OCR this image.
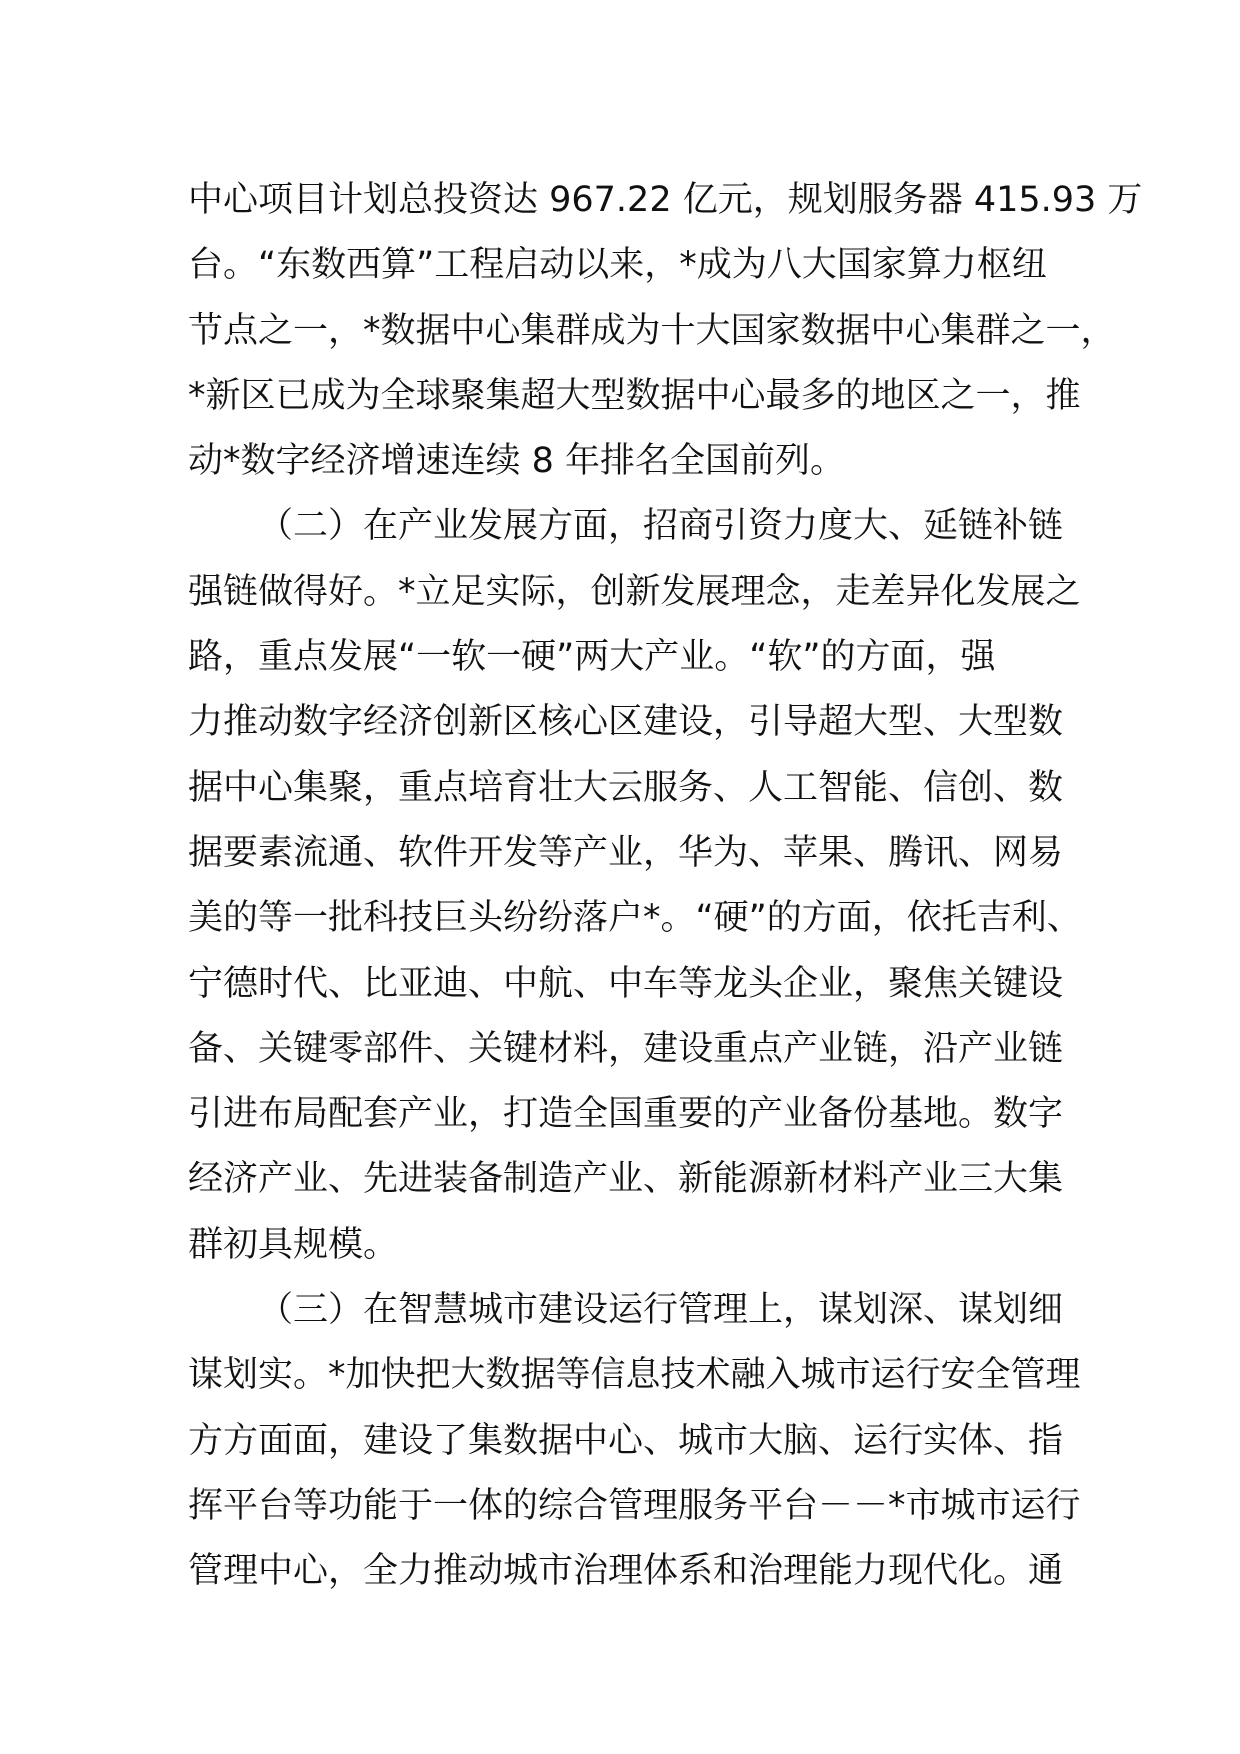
中心项目计划总投资达 967.22 亿元，规划服务器 415.93 万
台。“东数西算”工程启动以来，*成为八大国家算力枢纽
节点之一，*数据中心集群成为十大国家数据中心集群之一，
*新区已成为全球聚集超大型数据中心最多的地区之一，推
动*数字经济增速连续 8 年排名全国前列。
（二）在产业发展方面，招商引资力度大、延链补链
强链做得好。*立足实际，创新发展理念，走差异化发展之
路，重点发展“一软一硬”两大产业。“软”的方面，强
力推动数字经济创新区核心区建设，引导超大型、大型数
据中心集聚，重点培育壮大云服务、人工智能、信创、数
据要素流通、软件开发等产业，华为、苹果、腾讯、网易
美的等一批科技巨头纷纷落户*。“硬”的方面，依托吉利、
宁德时代、比亚迪、中航、中车等龙头企业，聚焦关键设
备、关键零部件、关键材料，建设重点产业链，沿产业链
引进布局配套产业，打造全国重要的产业备份基地。数字
经济产业、先进装备制造产业、新能源新材料产业三大集
群初具规模。
（三）在智慧城市建设运行管理上，谋划深、谋划细
谋划实。*加快把大数据等信息技术融入城市运行安全管理
方方面面，建设了集数据中心、城市大脑、运行实体、指
挥平台等功能于一体的综合管理服务平台－－*市城市运行
管理中心，全力推动城市治理体系和治理能力现代化。通
